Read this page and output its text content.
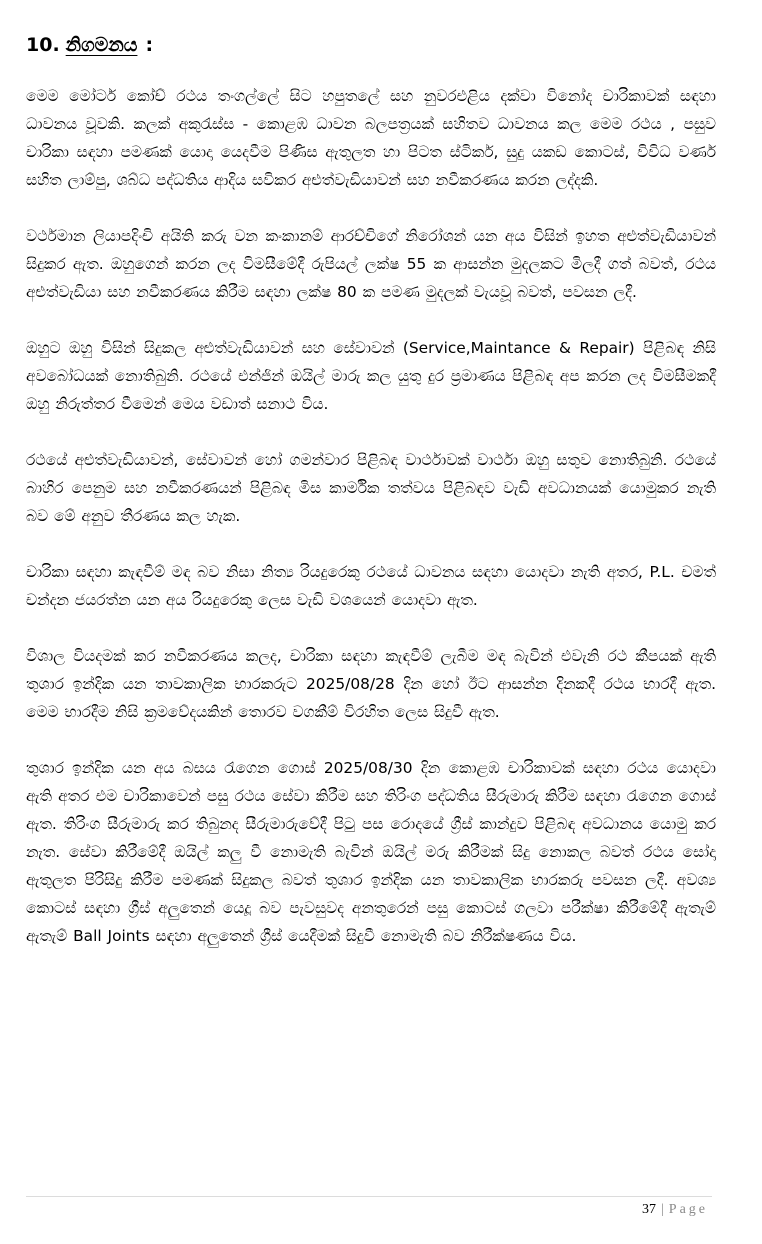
10. නිගමනය :

මෙම මෝටර් කෝච් රථය තංගල්ලේ සිට හපුතලේ සහ නුවරඑළිය දක්වා විනෝද චාරිකාවක් සඳහා ධාවනය වූවකි. කලක් අකුරැස්ස - කොළඹ ධාවන බලපත්‍රයක් සහිතව ධාවනය කල මෙම රථය , පසුව චාරිකා සඳහා පමණක් යොදා යෙදවීම පිණිස ඇතුලත හා පිටත ස්ටිකර්, සුදු යකඩ කොටස්, විවිධ වර්ණ සහිත ලාම්පු, ශබ්ධ පද්ධතිය ආදිය සවිකර අළුත්වැඩියාවන් සහ නවීකරණය කරන ලද්දකි.

වර්ථමාන ලියාපදිංචි අයිති කරු වන කංකානම් ආරච්චිගේ නිරෝශන් යන අය විසින් ඉහත අළුත්වැඩියාවන් සිදුකර ඇත. ඔහුගෙන් කරන ලද විමසීමේදී රුපියල් ලක්ෂ 55 ක ආසන්න මුදලකට මිලදී ගත් බවත්, රථය අළුත්වැඩියා සහ නවීකරණය කිරීම සඳහා ලක්ෂ 80 ක පමණ මුදලක් වැයවූ බවත්, පවසන ලදී.

ඔහුට ඔහු විසින් සිදුකල අළුත්වැඩියාවන් සහ සේවාවන් (Service,Maintance & Repair) පිළිබඳ නිසි අවබෝධයක් නොතිබුනි. රථයේ එන්ජින් ඔයිල් මාරු කල යුතු දුර ප්‍රමාණය පිළිබඳ අප කරන ලද විමසීමකදී ඔහු නිරුත්තර වීමෙන් මෙය වඩාත් සනාථ විය.

රථයේ අළුත්වැඩියාවන්, සේවාවන් හෝ ගමන්වාර පිළිබඳ වාර්ථාවක් වාර්ථා ඔහු සතුව නොතිබුනි. රථයේ බාහිර පෙනුම සහ නවීකරණයන් පිළිබඳ මිස කාර්මික තත්වය පිළිබඳව වැඩි අවධානයක් යොමුකර නැති බව මේ අනුව තීරණය කල හැක.

චාරිකා සඳහා කැඳවීම් මඳ බව නිසා නිත්‍ය රියදුරෙකු රථයේ ධාවනය සඳහා යොදවා නැති අතර, P.L. චමත් චන්දන ජයරත්න යන අය රියදුරෙකු ලෙස වැඩි වශයෙන් යොදවා ඇත.

විශාල වියදමක් කර නවීකරණය කලද, චාරිකා සඳහා කැඳවීම් ලැබීම මඳ බැවින් එවැනි රථ කීපයක් ඇති තුශාර ඉන්දික යන තාවකාලික භාරකරුට 2025/08/28 දින හෝ ඊට ආසන්න දිනකදී රථය භාරදී ඇත. මෙම භාරදීම නිසි ක්‍රමවේදයකින් තොරව වගකීම් විරහිත ලෙස සිදුවී ඇත.

තුශාර ඉන්දික යන අය බසය රැගෙන ගොස් 2025/08/30 දින කොළඹ චාරිකාවක් සඳහා රථය යොදවා ඇති අතර එම චාරිකාවෙන් පසු රථය සේවා කිරීම සහ තිරිංග පද්ධතිය සීරුමාරු කිරීම සඳහා රැගෙන ගොස් ඇත. තිරිංග සීරුමාරු කර තිබුනද සීරුමාරුවේදී පිටු පස රොදයේ ග්‍රීස් කාන්දුව පිළිබඳ අවධානය යොමු කර නැත. සේවා කිරීමේදී ඔයිල් කලු වී නොමැති බැවින් ඔයිල් මරු කිරීමක් සිදු නොකල බවත් රථය සෝදා ඇතුලත පිරිසිදු කිරීම පමණක් සිදුකල බවත් තුශාර ඉන්දික යන තාවකාලික භාරකරු පවසන ලදී. අවශ්‍ය කොටස් සඳහා ග්‍රීස් අලුතෙන් යෙදූ බව පැවසුවද අනතුරෙන් පසු කොටස් ගලවා පරීක්ෂා කිරීමේදී ඇතැම් ඇතැම් Ball Joints සඳහා අලුතෙන් ග්‍රීස් යෙදීමක් සිදුවී නොමැති බව නිරීක්ෂණය විය.

37 | Page
